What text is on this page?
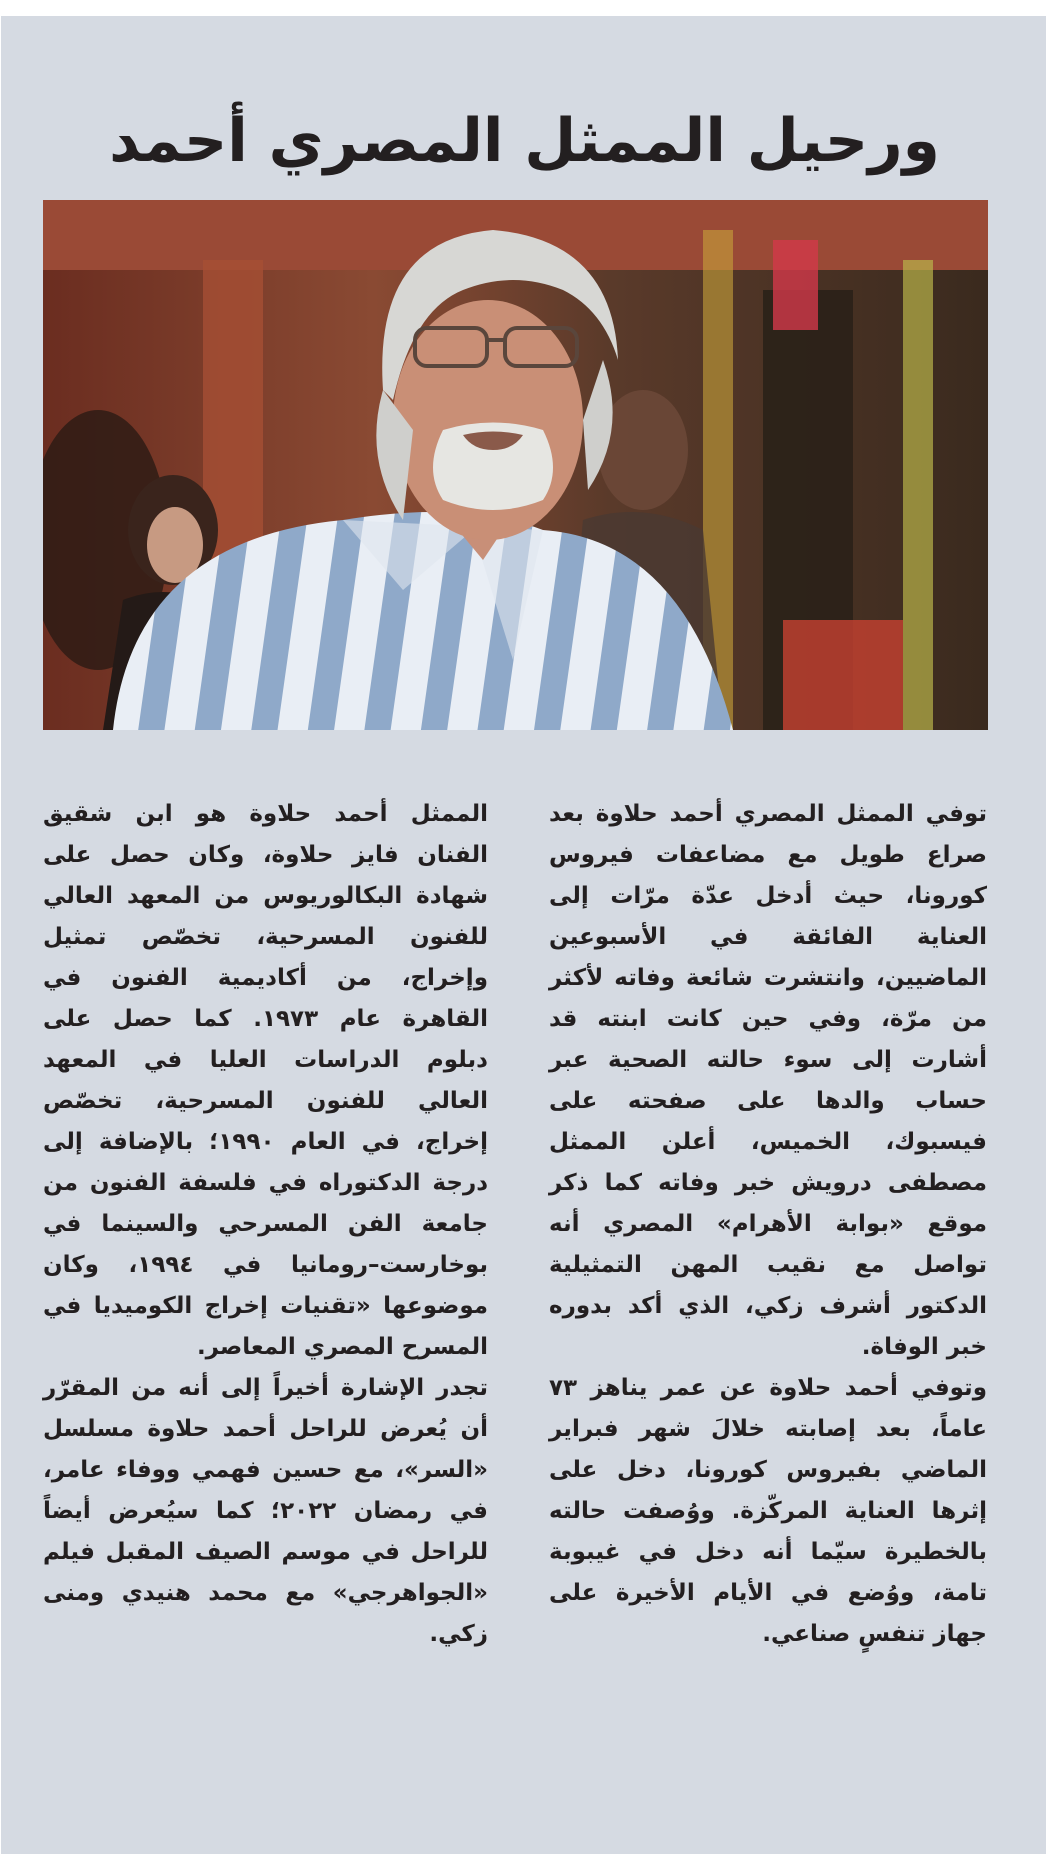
ورحيل الممثل المصري أحمد

توفي الممثل المصري أحمد حلاوة بعد صراع طويل مع مضاعفات فيروس كورونا، حيث أدخل عدّة مرّات إلى العناية الفائقة في الأسبوعين الماضيين، وانتشرت شائعة وفاته لأكثر من مرّة، وفي حين كانت ابنته قد أشارت إلى سوء حالته الصحية عبر حساب والدها على صفحته على فيسبوك، الخميس، أعلن الممثل مصطفى درويش خبر وفاته كما ذكر موقع «بوابة الأهرام» المصري أنه تواصل مع نقيب المهن التمثيلية الدكتور أشرف زكي، الذي أكد بدوره خبر الوفاة.

وتوفي أحمد حلاوة عن عمر يناهز ٧٣ عاماً، بعد إصابته خلالَ شهر فبراير الماضي بفيروس كورونا، دخل على إثرها العناية المركّزة. ووُصفت حالته بالخطيرة سيّما أنه دخل في غيبوبة تامة، ووُضع في الأيام الأخيرة على جهاز تنفسٍ صناعي.

الممثل أحمد حلاوة هو ابن شقيق الفنان فايز حلاوة، وكان حصل على شهادة البكالوريوس من المعهد العالي للفنون المسرحية، تخصّص تمثيل وإخراج، من أكاديمية الفنون في القاهرة عام ١٩٧٣. كما حصل على دبلوم الدراسات العليا في المعهد العالي للفنون المسرحية، تخصّص إخراج، في العام ١٩٩٠؛ بالإضافة إلى درجة الدكتوراه في فلسفة الفنون من جامعة الفن المسرحي والسينما في بوخارست–رومانيا في ١٩٩٤، وكان موضوعها «تقنيات إخراج الكوميديا في المسرح المصري المعاصر.

تجدر الإشارة أخيراً إلى أنه من المقرّر أن يُعرض للراحل أحمد حلاوة مسلسل «السر»، مع حسين فهمي ووفاء عامر، في رمضان ٢٠٢٢؛ كما سيُعرض أيضاً للراحل في موسم الصيف المقبل فيلم «الجواهرجي» مع محمد هنيدي ومنى زكي.
